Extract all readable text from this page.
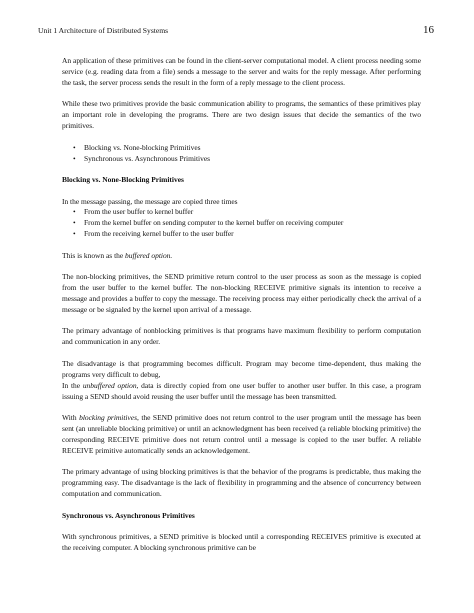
Unit 1 Architecture of Distributed Systems	16

An application of these primitives can be found in the client-server computational model. A client process needing some service (e.g. reading data from a file) sends a message to the server and waits for the reply message. After performing the task, the server process sends the result in the form of a reply message to the client process.

While these two primitives provide the basic communication ability to programs, the semantics of these primitives play an important role in developing the programs. There are two design issues that decide the semantics of the two primitives.

• Blocking vs. None-blocking Primitives
• Synchronous vs. Asynchronous Primitives
Blocking vs. None-Blocking Primitives

In the message passing, the message are copied three times

• From the user buffer to kernel buffer
• From the kernel buffer on sending computer to the kernel buffer on receiving computer
• From the receiving kernel buffer to the user buffer

This is known as the buffered option.

The non-blocking primitives, the SEND primitive return control to the user process as soon as the message is copied from the user buffer to the kernel buffer. The non-blocking RECEIVE primitive signals its intention to receive a message and provides a buffer to copy the message. The receiving process may either periodically check the arrival of a message or be signaled by the kernel upon arrival of a message.

The primary advantage of nonblocking primitives is that programs have maximum flexibility to perform computation and communication in any order.

The disadvantage is that programming becomes difficult. Program may become time-dependent, thus making the programs very difficult to debug,

In the unbuffered option, data is directly copied from one user buffer to another user buffer. In this case, a program issuing a SEND should avoid reusing the user buffer until the message has been transmitted.

With blocking primitives, the SEND primitive does not return control to the user program until the message has been sent (an unreliable blocking primitive) or until an acknowledgment has been received (a reliable blocking primitive) the corresponding RECEIVE primitive does not return control until a message is copied to the user buffer. A reliable RECEIVE primitive automatically sends an acknowledgement.

The primary advantage of using blocking primitives is that the behavior of the programs is predictable, thus making the programming easy. The disadvantage is the lack of flexibility in programming and the absence of concurrency between computation and communication.

Synchronous vs. Asynchronous Primitives

With synchronous primitives, a SEND primitive is blocked until a corresponding RECEIVES primitive is executed at the receiving computer. A blocking synchronous primitive can be
